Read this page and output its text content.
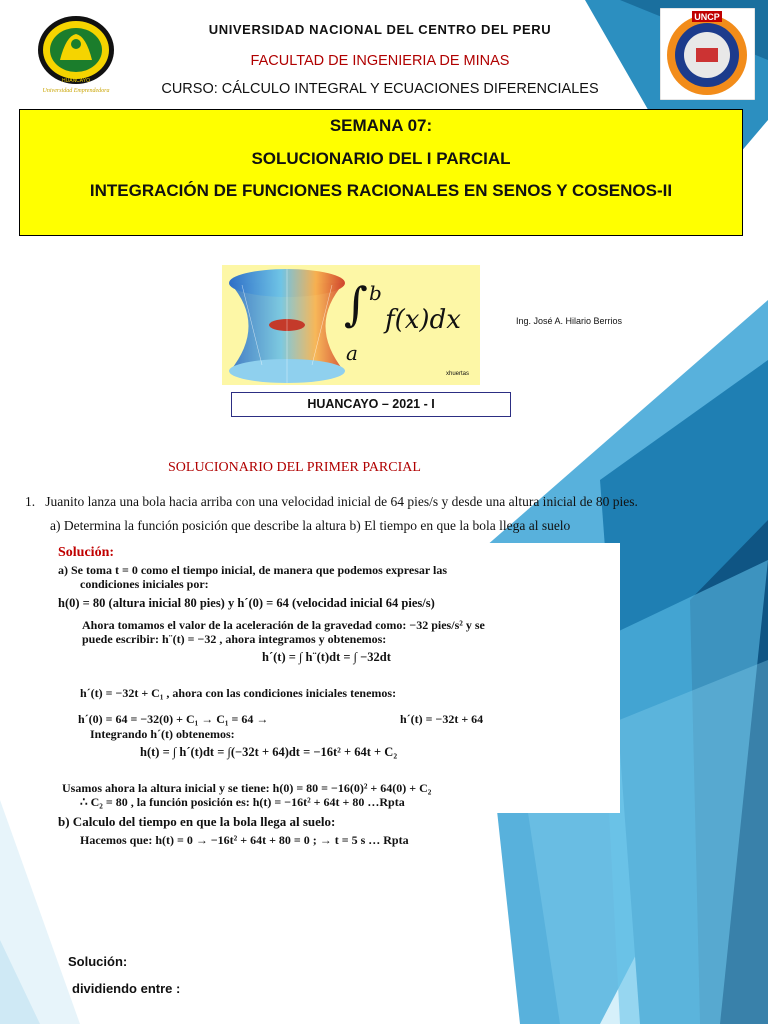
HUANCAYO
Universidad Emprendedora
UNCP
UNIVERSIDAD NACIONAL DEL CENTRO DEL PERU
FACULTAD DE INGENIERIA DE MINAS
CURSO: CÁLCULO INTEGRAL Y ECUACIONES DIFERENCIALES
SEMANA 07:
SOLUCIONARIO DEL I PARCIAL
INTEGRACIÓN DE FUNCIONES RACIONALES EN SENOS Y COSENOS-II
∫ b
a
f(x)dx
xhuertas
Ing. José A. Hilario Berrios
HUANCAYO – 2021 - I
SOLUCIONARIO DEL PRIMER PARCIAL
1. Juanito lanza una bola hacia arriba con una velocidad inicial de 64 pies/s y desde una altura inicial de 80 pies.
a) Determina la función posición que describe la altura b) El tiempo en que la bola llega al suelo
Solución:
a) Se toma t = 0 como el tiempo inicial, de manera que podemos expresar las
condiciones iniciales por:
h(0) = 80 (altura inicial 80 pies) y h´(0) = 64 (velocidad inicial 64 pies/s)
Ahora tomamos el valor de la aceleración de la gravedad como: −32 pies/s² y se
puede escribir: h¨(t) = −32 , ahora integramos y obtenemos:
h´(t) = ∫ h¨(t)dt = ∫ −32dt
h´(t) = −32t + C₁ , ahora con las condiciones iniciales tenemos:
h´(0) = 64 = −32(0) + C₁ → C₁ = 64 →	h´(t) = −32t + 64
Integrando h´(t) obtenemos:
h(t) = ∫ h´(t)dt = ∫(−32t + 64)dt = −16t² + 64t + C₂
Usamos ahora la altura inicial y se tiene: h(0) = 80 = −16(0)² + 64(0) + C₂
∴ C₂ = 80 , la función posición es: h(t) = −16t² + 64t + 80 …Rpta
b) Calculo del tiempo en que la bola llega al suelo:
Hacemos que: h(t) = 0 → −16t² + 64t + 80 = 0 ; → t = 5 s … Rpta
Solución:
dividiendo entre :
